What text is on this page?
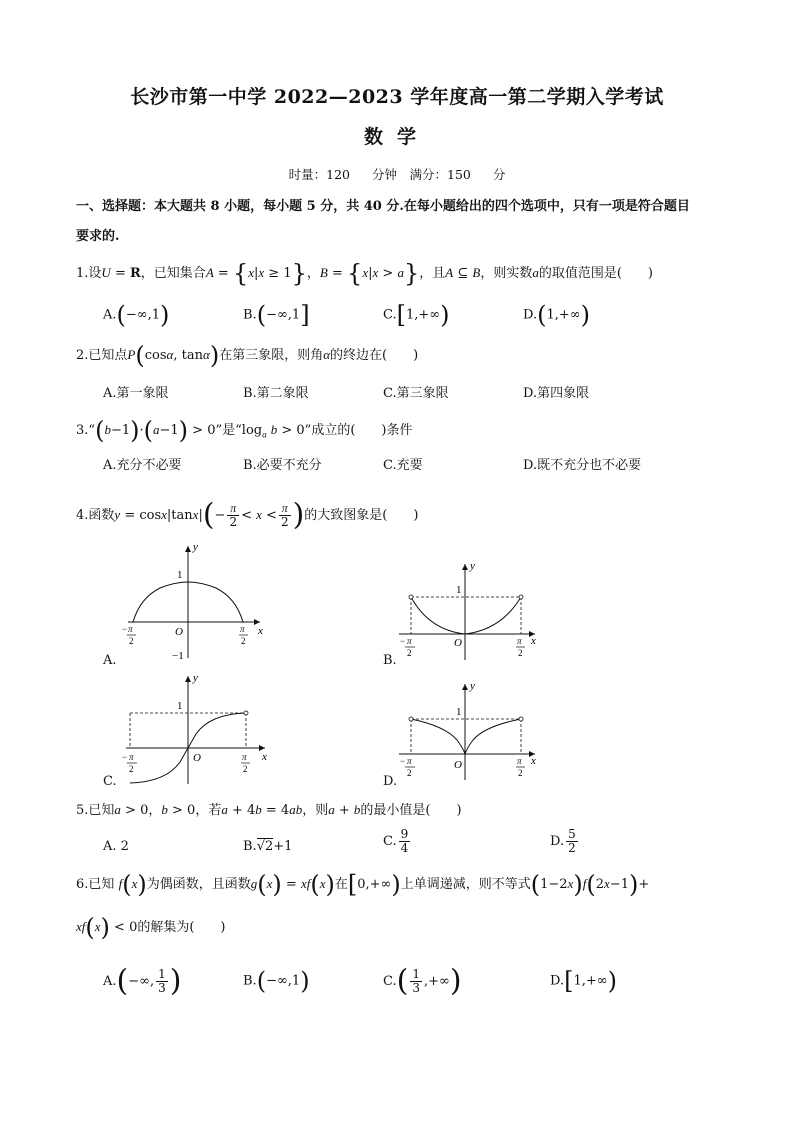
长沙市第一中学 2022—2023 学年度高一第二学期入学考试
数学
时量：120 分钟　 满分：150 分
一、选择题：本大题共 8 小题，每小题 5 分，共 40 分.在每小题给出的四个选项中，只有一项是符合题目
要求的.
1.设U = R，已知集合A = {x|x ≥ 1}，B = {x|x > a}，且A ⊆ B，则实数a的取值范围是(　　)
A.(−∞,1)	B.(−∞,1]	C.[1,+∞)	D.(1,+∞)
2.已知点P(cosα, tanα)在第三象限，则角α的终边在(　　)
A.第一象限	B.第二象限	C.第三象限	D.第四象限
3.“(b−1)·(a−1) > 0”是“$\log_a$ b > 0”成立的(　　)条件
A.充分不必要	B.必要不充分	C.充要	D.既不充分也不必要
4.函数$y = \cos x|\tan x|(- \frac{\pi}{2} < x < \frac{\pi}{2}$ )的大致图象是(　　)
y
x
1
O
−1
− π
2
π
2
A.
y
x
1
O
− π
2
π
2
B.
y
x
1
O
− π
2
π
2
C.
y
x
1
O
− π
2
π
2
D.
5.已知a > 0，b > 0，若a + 4b = 4ab，则a + b的最小值是(　　)
A. 2	B.√2+1	C. $\frac{9}{4}$	D. $\frac{5}{2}$
6.已知 f(x)为偶函数，且函数g(x) = xf(x)在[0,+∞)上单调递减，则不等式(1−2x)f(2x−1)+
xf(x) < 0的解集为(　　)
A.(−∞, $\frac{1}{3}$ )	B.(−∞,1)	$C.( \frac{1}{3}$ ,+∞)	D.[1,+∞)
